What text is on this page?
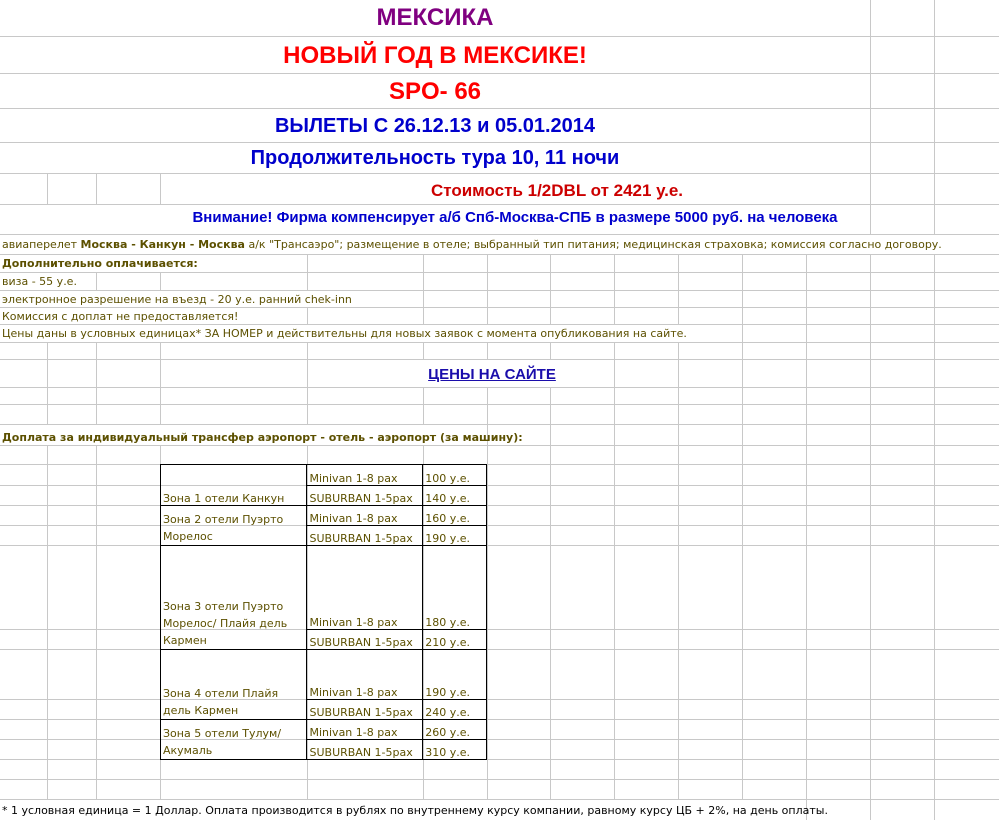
МЕКСИКА
НОВЫЙ ГОД В МЕКСИКЕ!
SPO- 66
ВЫЛЕТЫ С 26.12.13 и 05.01.2014
Продолжительность тура 10, 11 ночи
Стоимость 1/2DBL от 2421 у.е.
Внимание! Фирма компенсирует а/б Спб-Москва-СПБ в размере 5000 руб. на человека
авиаперелет Москва - Канкун - Москва а/к "Трансаэро"; размещение в отеле; выбранный тип питания; медицинская страховка; комиссия согласно договору.
Дополнительно оплачивается:
виза - 55 у.е.
электронное разрешение на въезд - 20 у.е. ранний chek-inn
Комиссия с доплат не предоставляется!
Цены даны в условных единицах* ЗА НОМЕР и действительны для новых заявок с момента опубликования на сайте.
ЦЕНЫ НА САЙТЕ
Доплата за индивидуальный трансфер аэропорт - отель - аэропорт (за машину):
Зона 1 отели Канкун	Minivan 1-8 pax	100 у.е.
	SUBURBAN 1-5pax	140 у.е.
Зона 2 отели Пуэрто Морелос	Minivan 1-8 pax	160 у.е.
	SUBURBAN 1-5pax	190 у.е.
Зона 3 отели Пуэрто Морелос/ Плайя дель Кармен	Minivan 1-8 pax	180 у.е.
	SUBURBAN 1-5pax	210 у.е.
Зона 4 отели Плайя дель Кармен	Minivan 1-8 pax	190 у.е.
	SUBURBAN 1-5pax	240 у.е.
Зона 5 отели Тулум/Акумаль	Minivan 1-8 pax	260 у.е.
	SUBURBAN 1-5pax	310 у.е.
* 1 условная единица = 1 Доллар. Оплата производится в рублях по внутреннему курсу компании, равному курсу ЦБ + 2%, на день оплаты.
